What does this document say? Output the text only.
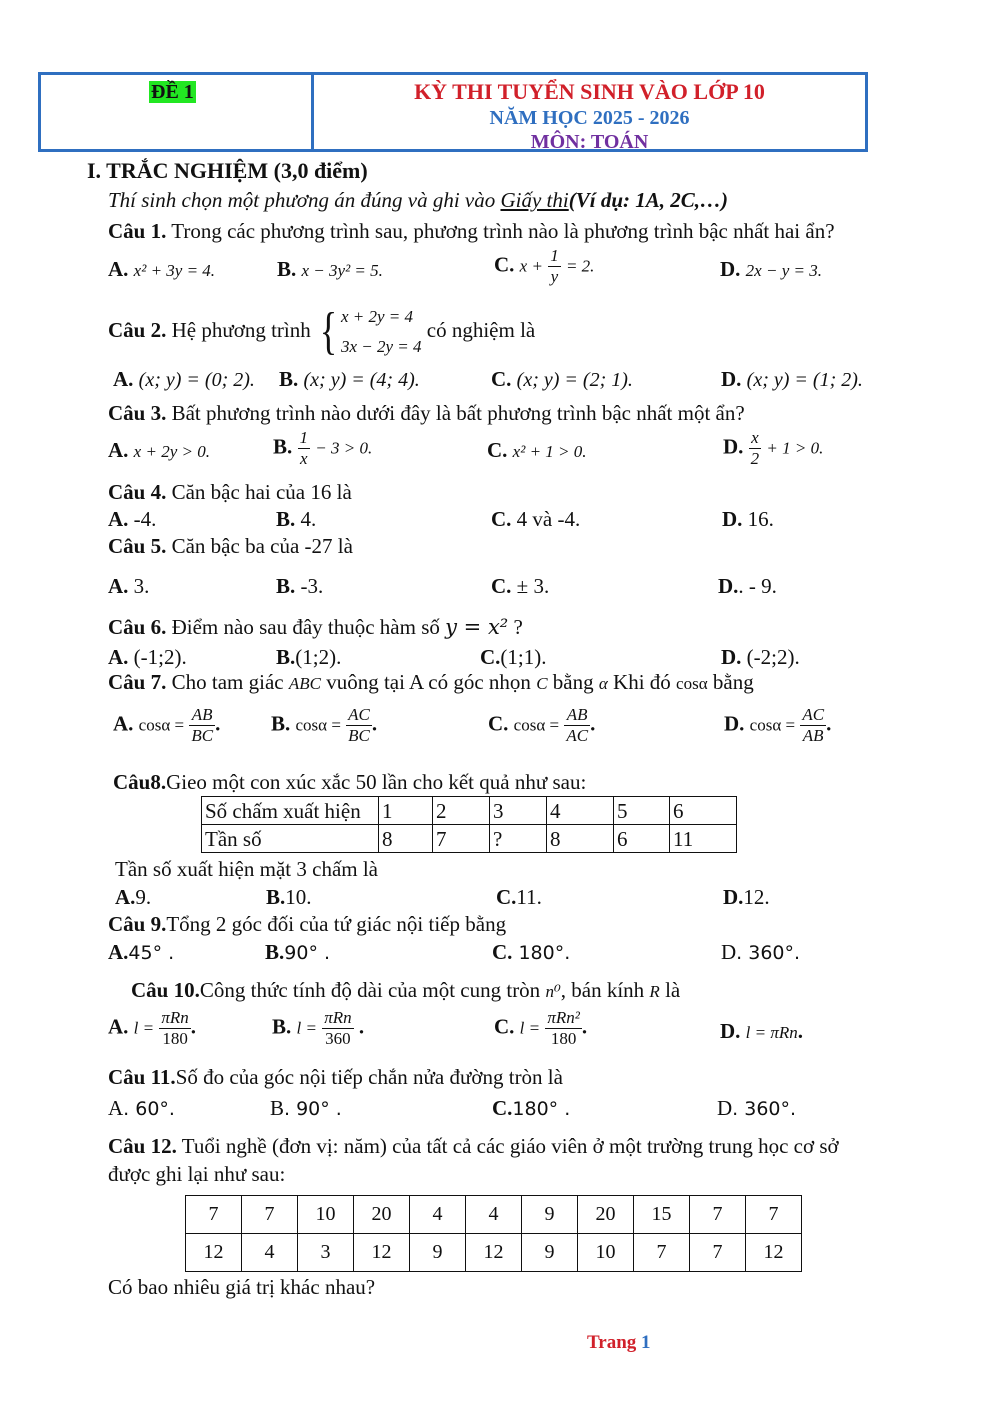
ĐỀ 1	KỲ THI TUYỂN SINH VÀO LỚP 10
NĂM HỌC 2025 - 2026
MÔN: TOÁN
I. TRẮC NGHIỆM (3,0 điểm)
Thí sinh chọn một phương án đúng và ghi vào Giấy thi(Ví dụ: 1A, 2C,…)
Câu 1. Trong các phương trình sau, phương trình nào là phương trình bậc nhất hai ẩn?
A. x² + 3y = 4.	B. x − 3y² = 5.	C. $x + \frac{1}{y} = 2$.	D. 2x − y = 3.
Câu 2. Hệ phương trình { x + 2y = 4
3x − 2y = 4
có nghiệm là
A. (x; y) = (0; 2). B. (x; y) = (4; 4).	C. (x; y) = (2; 1).	D. (x; y) = (1; 2).
Câu 3. Bất phương trình nào dưới đây là bất phương trình bậc nhất một ẩn?
A. x + 2y > 0.	B. $\frac{1}{x} - 3 > 0$.	C. x² + 1 > 0.	D. $\frac{x}{2} + 1 > 0$.
Câu 4. Căn bậc hai của 16 là
A. -4.	B. 4.	C. 4 và -4.	D. 16.
Câu 5. Căn bậc ba của -27 là
A. 3.	B. -3.	C. ± 3.	D.. - 9.
Câu 6. Điểm nào sau đây thuộc hàm số y = x² ?
A. (-1;2).	B.(1;2).	C.(1;1).	D. (-2;2).
Câu 7. Cho tam giác ABC vuông tại A có góc nhọn C bằng α Khi đó cosα bằng
A. $\cos\alpha = \frac{AB}{BC}$ . B. $\cos\alpha = \frac{AC}{BC}$ .	C. $\cos\alpha = \frac{AB}{AC}$ .	D. $\cos\alpha = \frac{AC}{AB}$ .
Câu8.Gieo một con xúc xắc 50 lần cho kết quả như sau:
Số chấm xuất hiện	1	2	3	4	5	6
Tần số	8	7	?	8	6	11
Tần số xuất hiện mặt 3 chấm là
A.9.	B.10.	C.11.	D.12.
Câu 9.Tổng 2 góc đối của tứ giác nội tiếp bằng
A.45° .	B.90° .	C. 180°.	D. 360°.
Câu 10.Công thức tính độ dài của một cung tròn n⁰, bán kính R là
A. $l = \frac{\text{πRn}}{180}$ .	B. $l = \frac{\text{πRn}}{360}$ .	C. $l = \frac{\text{πRn²}}{180}$ .	D. l = πRn.
Câu 11.Số đo của góc nội tiếp chắn nửa đường tròn là
A. 60°.	B. 90° .	C.180° .	D. 360°.
Câu 12. Tuổi nghề (đơn vị: năm) của tất cả các giáo viên ở một trường trung học cơ sở
được ghi lại như sau:
7	7	10	20	4	4	9	20	15	7	7
12	4	3	12	9	12	9	10	7	7	12
Có bao nhiêu giá trị khác nhau?
Trang 1
